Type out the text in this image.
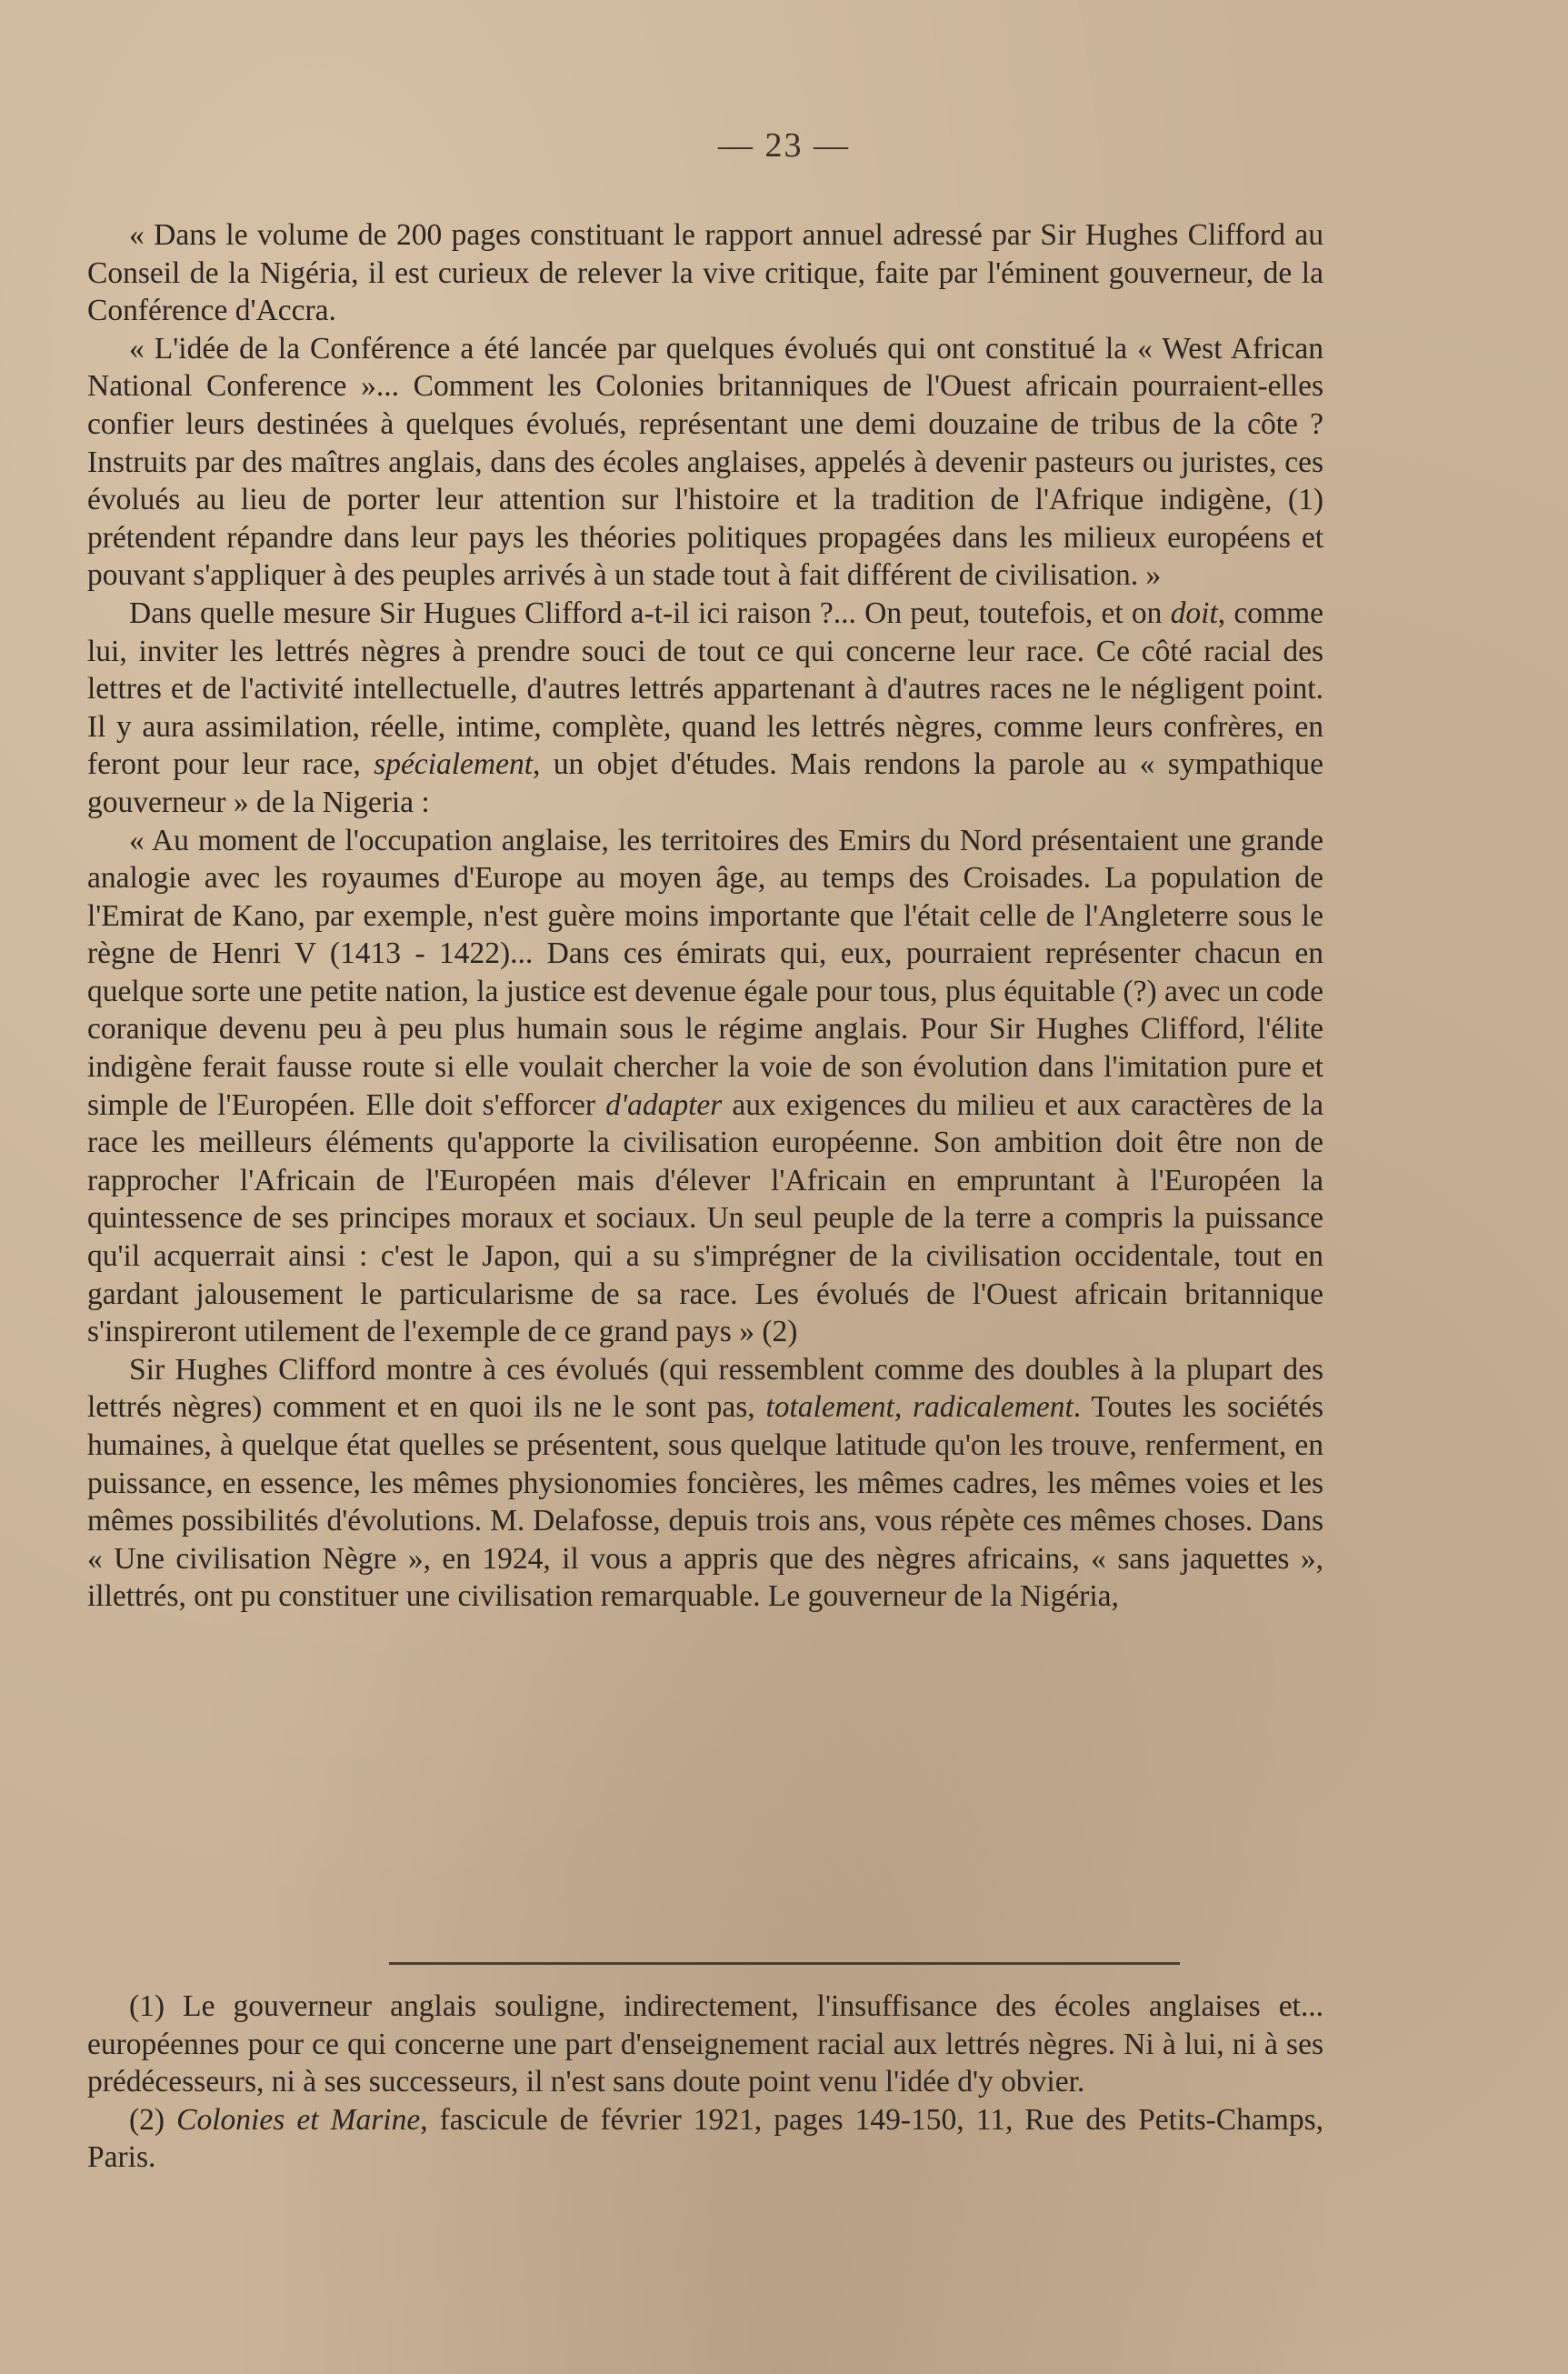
— 23 —

« Dans le volume de 200 pages constituant le rapport annuel adressé par Sir Hughes Clifford au Conseil de la Nigéria, il est curieux de relever la vive critique, faite par l'éminent gouverneur, de la Conférence d'Accra.

« L'idée de la Conférence a été lancée par quelques évolués qui ont constitué la « West African National Conference »... Comment les Colonies britanniques de l'Ouest africain pourraient-elles confier leurs destinées à quelques évolués, représentant une demi douzaine de tribus de la côte ? Instruits par des maîtres anglais, dans des écoles anglaises, appelés à devenir pasteurs ou juristes, ces évolués au lieu de porter leur attention sur l'histoire et la tradition de l'Afrique indigène, (1) prétendent répandre dans leur pays les théories politiques propagées dans les milieux européens et pouvant s'appliquer à des peuples arrivés à un stade tout à fait différent de civilisation. »

Dans quelle mesure Sir Hugues Clifford a-t-il ici raison ?... On peut, toutefois, et on doit, comme lui, inviter les lettrés nègres à prendre souci de tout ce qui concerne leur race. Ce côté racial des lettres et de l'activité intellectuelle, d'autres lettrés appartenant à d'autres races ne le négligent point. Il y aura assimilation, réelle, intime, complète, quand les lettrés nègres, comme leurs confrères, en feront pour leur race, spécialement, un objet d'études. Mais rendons la parole au « sympathique gouverneur » de la Nigeria :

« Au moment de l'occupation anglaise, les territoires des Emirs du Nord présentaient une grande analogie avec les royaumes d'Europe au moyen âge, au temps des Croisades. La population de l'Emirat de Kano, par exemple, n'est guère moins importante que l'était celle de l'Angleterre sous le règne de Henri V (1413 - 1422)... Dans ces émirats qui, eux, pourraient représenter chacun en quelque sorte une petite nation, la justice est devenue égale pour tous, plus équitable (?) avec un code coranique devenu peu à peu plus humain sous le régime anglais. Pour Sir Hughes Clifford, l'élite indigène ferait fausse route si elle voulait chercher la voie de son évolution dans l'imitation pure et simple de l'Européen. Elle doit s'efforcer d'adapter aux exigences du milieu et aux caractères de la race les meilleurs éléments qu'apporte la civilisation européenne. Son ambition doit être non de rapprocher l'Africain de l'Européen mais d'élever l'Africain en empruntant à l'Européen la quintessence de ses principes moraux et sociaux. Un seul peuple de la terre a compris la puissance qu'il acquerrait ainsi : c'est le Japon, qui a su s'imprégner de la civilisation occidentale, tout en gardant jalousement le particularisme de sa race. Les évolués de l'Ouest africain britannique s'inspireront utilement de l'exemple de ce grand pays » (2)

Sir Hughes Clifford montre à ces évolués (qui ressemblent comme des doubles à la plupart des lettrés nègres) comment et en quoi ils ne le sont pas, totalement, radicalement. Toutes les sociétés humaines, à quelque état quelles se présentent, sous quelque latitude qu'on les trouve, renferment, en puissance, en essence, les mêmes physionomies foncières, les mêmes cadres, les mêmes voies et les mêmes possibilités d'évolutions. M. Delafosse, depuis trois ans, vous répète ces mêmes choses. Dans « Une civilisation Nègre », en 1924, il vous a appris que des nègres africains, « sans jaquettes », illettrés, ont pu constituer une civilisation remarquable. Le gouverneur de la Nigéria,

(1) Le gouverneur anglais souligne, indirectement, l'insuffisance des écoles anglaises et... européennes pour ce qui concerne une part d'enseignement racial aux lettrés nègres. Ni à lui, ni à ses prédécesseurs, ni à ses successeurs, il n'est sans doute point venu l'idée d'y obvier.

(2) Colonies et Marine, fascicule de février 1921, pages 149-150, 11, Rue des Petits-Champs, Paris.
